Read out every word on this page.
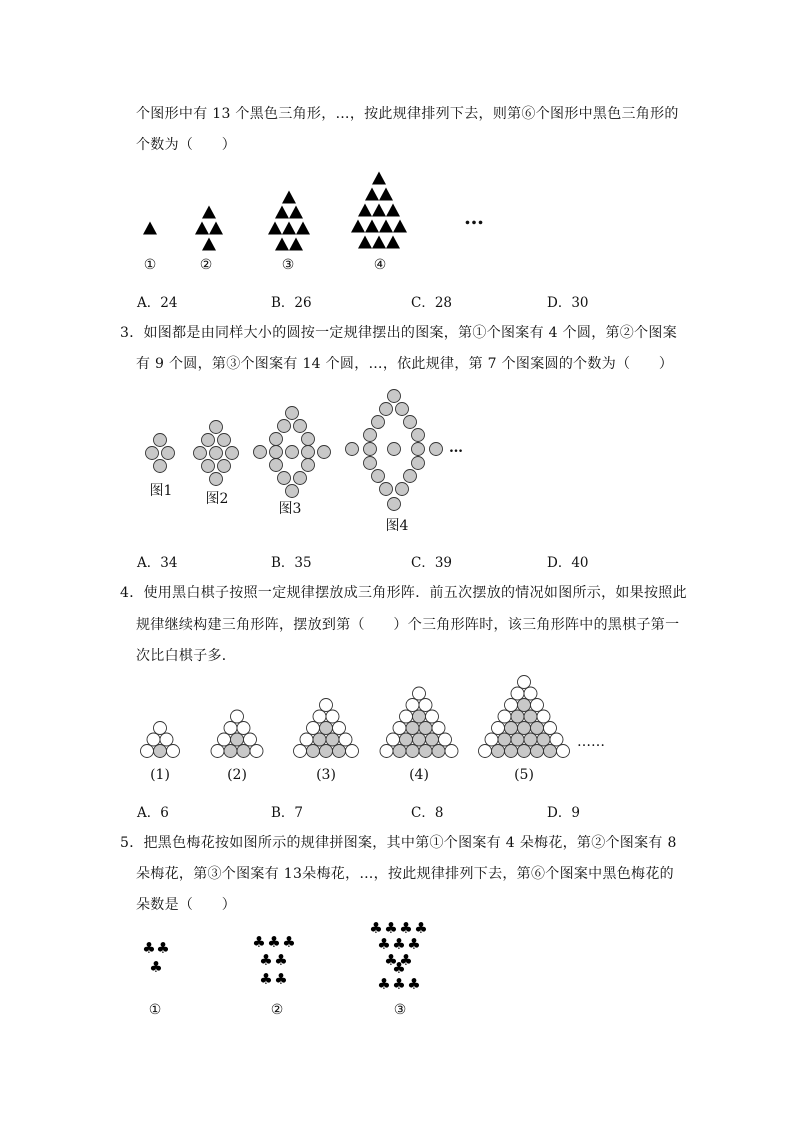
个图形中有 13 个黑色三角形，…，按此规律排列下去，则第⑥个图形中黑色三角形的
个数为（　　）
①	②	③	④
…
A．24	B．26	C．28	D．30
3．如图都是由同样大小的圆按一定规律摆出的图案，第①个图案有 4 个圆，第②个图案
有 9 个圆，第③个图案有 14 个圆，…，依此规律，第 7 个图案圆的个数为（　　）
图1 图2
图3
图4
…
A．34	B．35	C．39	D．40
4．使用黑白棋子按照一定规律摆放成三角形阵．前五次摆放的情况如图所示，如果按照此
规律继续构建三角形阵，摆放到第（　　）个三角形阵时，该三角形阵中的黑棋子第一
次比白棋子多．
(1)	(2)	(3)	(4)	(5)
……
A．6	B．7	C．8	D．9
5．把黑色梅花按如图所示的规律拼图案，其中第①个图案有 4 朵梅花，第②个图案有 8
朵梅花，第③个图案有 13朵梅花，…，按此规律排列下去，第⑥个图案中黑色梅花的
朵数是（　　）
♣ ♣
♣
♣ ♣ ♣
♣ ♣
♣ ♣
♣ ♣ ♣ ♣
♣ ♣ ♣
♣ ♣
♣
♣ ♣ ♣
①	②	③
